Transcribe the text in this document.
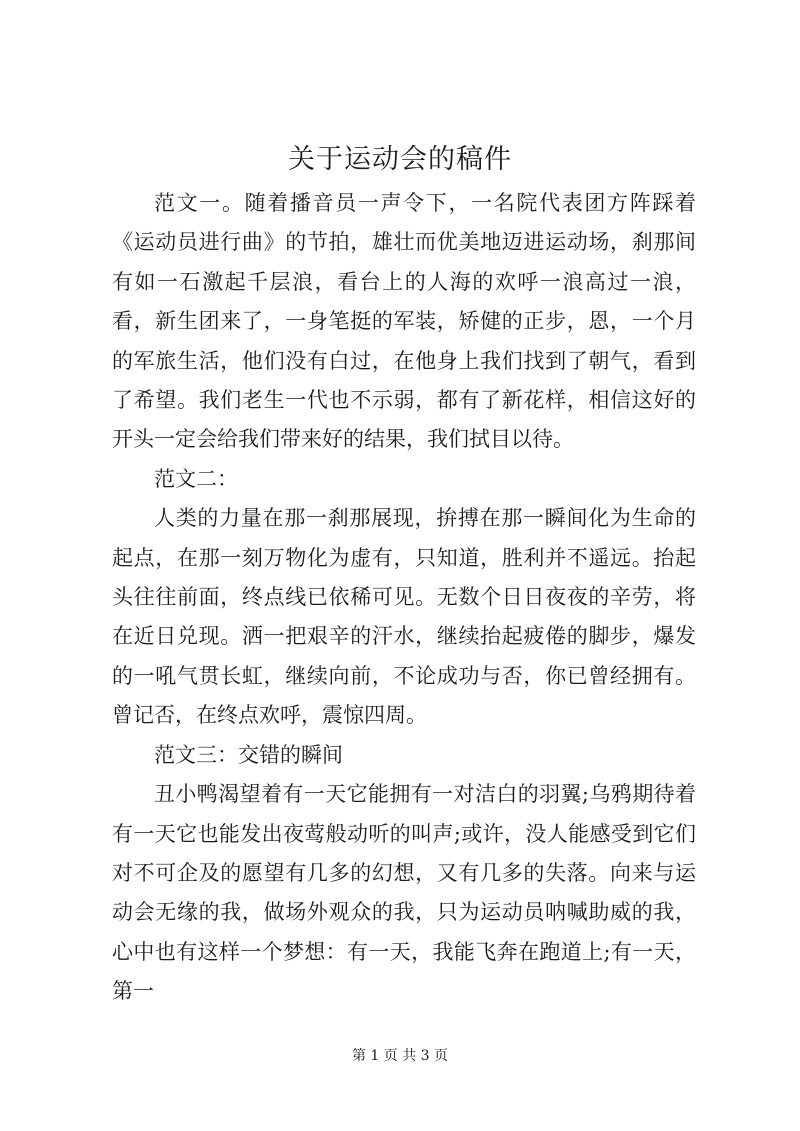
关于运动会的稿件

范文一。随着播音员一声令下，一名院代表团方阵踩着《运动员进行曲》的节拍，雄壮而优美地迈进运动场，刹那间有如一石激起千层浪，看台上的人海的欢呼一浪高过一浪，看，新生团来了，一身笔挺的军装，矫健的正步，恩，一个月的军旅生活，他们没有白过，在他身上我们找到了朝气，看到了希望。我们老生一代也不示弱，都有了新花样，相信这好的开头一定会给我们带来好的结果，我们拭目以待。

范文二：

人类的力量在那一刹那展现，拚搏在那一瞬间化为生命的起点，在那一刻万物化为虚有，只知道，胜利并不遥远。抬起头往往前面，终点线已依稀可见。无数个日日夜夜的辛劳，将在近日兑现。洒一把艰辛的汗水，继续抬起疲倦的脚步，爆发的一吼气贯长虹，继续向前，不论成功与否，你已曾经拥有。曾记否，在终点欢呼，震惊四周。

范文三：交错的瞬间

丑小鸭渴望着有一天它能拥有一对洁白的羽翼;乌鸦期待着有一天它也能发出夜莺般动听的叫声;或许，没人能感受到它们对不可企及的愿望有几多的幻想，又有几多的失落。向来与运动会无缘的我，做场外观众的我，只为运动员呐喊助威的我，心中也有这样一个梦想：有一天，我能飞奔在跑道上;有一天，第一

第 1 页 共 3 页
